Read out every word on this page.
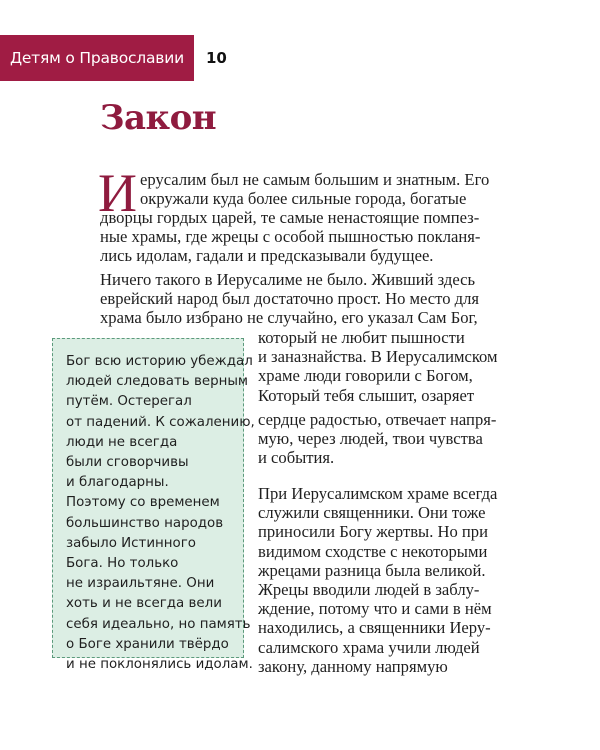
Детям о Православии 10
Закон
И ерусалим был не самым большим и знатным. Его
окружали куда более сильные города, богатые
дворцы гордых царей, те самые ненастоящие помпез-
ные храмы, где жрецы с особой пышностью покланя-
лись идолам, гадали и предсказывали будущее.
Ничего такого в Иерусалиме не было. Живший здесь
еврейский народ был достаточно прост. Но место для
храма было избрано не случайно, его указал Сам Бог,
который не любит пышности
и заназнайства. В Иерусалимском
храме люди говорили с Богом,
Который тебя слышит, озаряет
сердце радостью, отвечает напря-
мую, через людей, твои чувства
и события.
При Иерусалимском храме всегда
служили священники. Они тоже
приносили Богу жертвы. Но при
видимом сходстве с некоторыми
жрецами разница была великой.
Жрецы вводили людей в заблу-
ждение, потому что и сами в нём
находились, а священники Иеру-
салимского храма учили людей
закону, данному напрямую
Бог всю историю убеждал
людей следовать верным
путём. Остерегал
от падений. К сожалению,
люди не всегда
были сговорчивы
и благодарны.
Поэтому со временем
большинство народов
забыло Истинного
Бога. Но только
не израильтяне. Они
хоть и не всегда вели
себя идеально, но память
о Боге хранили твёрдо
и не поклонялись идолам.
